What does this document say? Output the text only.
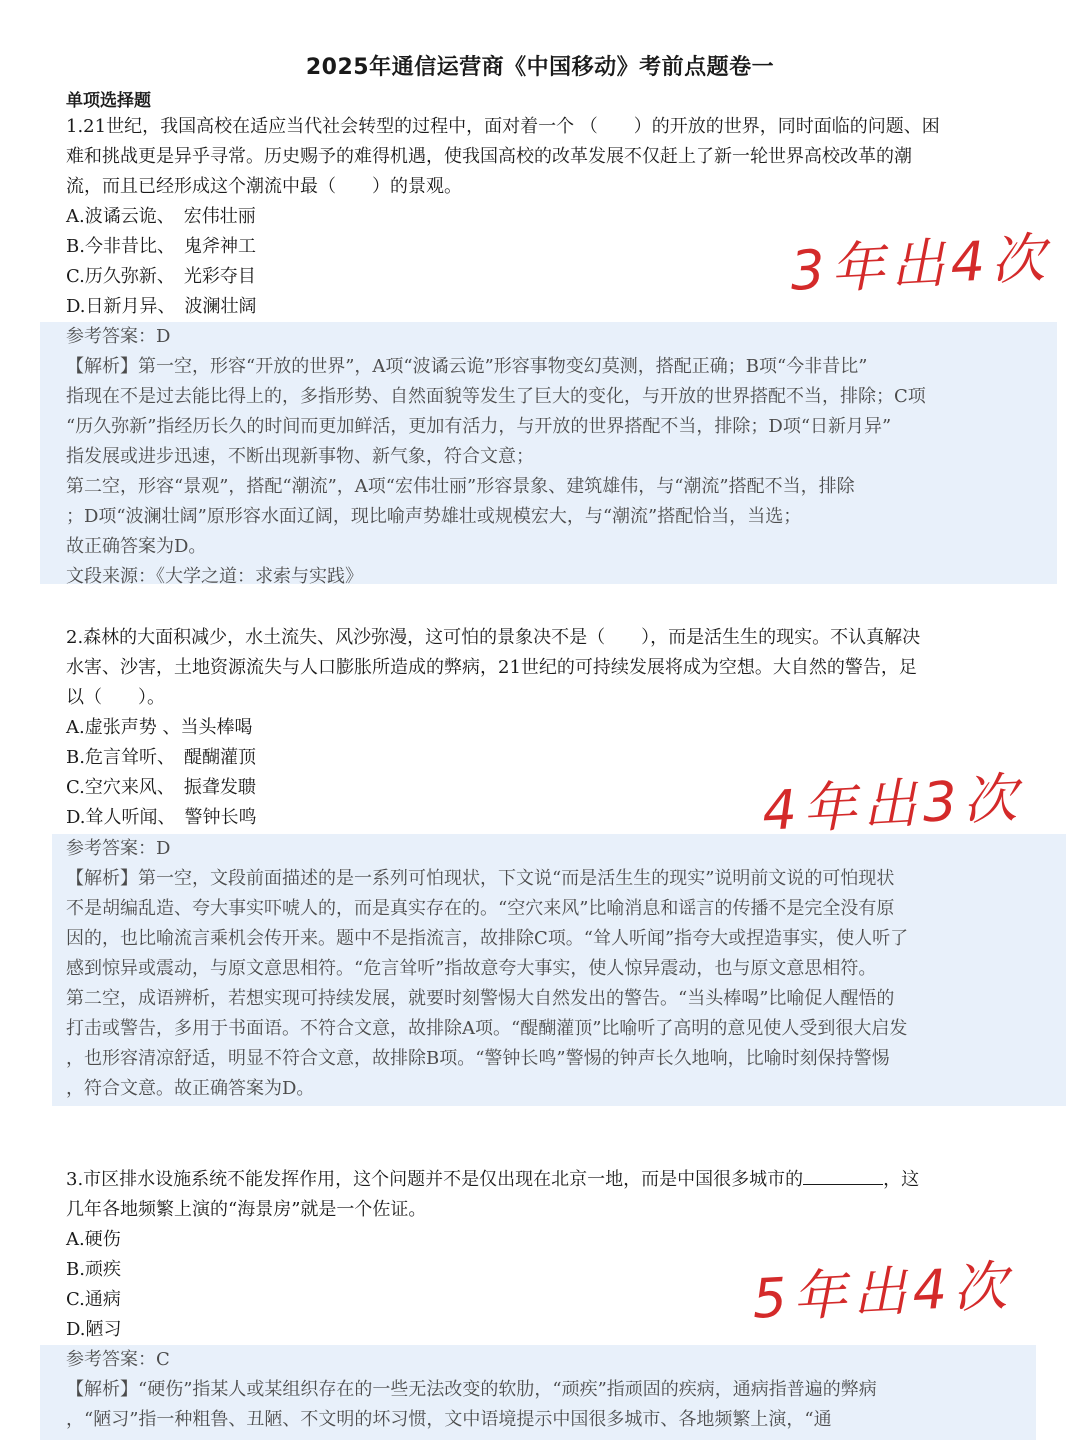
2025年通信运营商《中国移动》考前点题卷一
单项选择题
1.21世纪，我国高校在适应当代社会转型的过程中，面对着一个 （　　）的开放的世界，同时面临的问题、困
难和挑战更是异乎寻常。历史赐予的难得机遇，使我国高校的改革发展不仅赶上了新一轮世界高校改革的潮
流，而且已经形成这个潮流中最（　　）的景观。
A.波谲云诡、　宏伟壮丽
B.今非昔比、　鬼斧神工
C.历久弥新、　光彩夺目
D.日新月异、　波澜壮阔
参考答案：D
【解析】第一空，形容“开放的世界”，A项“波谲云诡”形容事物变幻莫测，搭配正确；B项“今非昔比”
指现在不是过去能比得上的，多指形势、自然面貌等发生了巨大的变化，与开放的世界搭配不当，排除；C项
“历久弥新”指经历长久的时间而更加鲜活，更加有活力，与开放的世界搭配不当，排除；D项“日新月异”
指发展或进步迅速，不断出现新事物、新气象，符合文意；
第二空，形容“景观”，搭配“潮流”，A项“宏伟壮丽”形容景象、建筑雄伟，与“潮流”搭配不当，排除
；D项“波澜壮阔”原形容水面辽阔，现比喻声势雄壮或规模宏大，与“潮流”搭配恰当，当选；
故正确答案为D。
文段来源：《大学之道：求索与实践》
3年出4次
2.森林的大面积减少，水土流失、风沙弥漫，这可怕的景象决不是（　　），而是活生生的现实。不认真解决
水害、沙害，土地资源流失与人口膨胀所造成的弊病，21世纪的可持续发展将成为空想。大自然的警告，足
以（　　）。
A.虚张声势 、当头棒喝
B.危言耸听、　醍醐灌顶
C.空穴来风、　振聋发聩
D.耸人听闻、　警钟长鸣
参考答案：D
【解析】第一空，文段前面描述的是一系列可怕现状，下文说“而是活生生的现实”说明前文说的可怕现状
不是胡编乱造、夸大事实吓唬人的，而是真实存在的。“空穴来风”比喻消息和谣言的传播不是完全没有原
因的，也比喻流言乘机会传开来。题中不是指流言，故排除C项。“耸人听闻”指夸大或捏造事实，使人听了
感到惊异或震动，与原文意思相符。“危言耸听”指故意夸大事实，使人惊异震动，也与原文意思相符。
第二空，成语辨析，若想实现可持续发展，就要时刻警惕大自然发出的警告。“当头棒喝”比喻促人醒悟的
打击或警告，多用于书面语。不符合文意，故排除A项。“醍醐灌顶”比喻听了高明的意见使人受到很大启发
，也形容清凉舒适，明显不符合文意，故排除B项。“警钟长鸣”警惕的钟声长久地响，比喻时刻保持警惕
，符合文意。故正确答案为D。
4年出3次
3.市区排水设施系统不能发挥作用，这个问题并不是仅出现在北京一地，而是中国很多城市的	，这
几年各地频繁上演的“海景房”就是一个佐证。
A.硬伤
B.顽疾
C.通病
D.陋习
参考答案：C
【解析】“硬伤”指某人或某组织存在的一些无法改变的软肋，“顽疾”指顽固的疾病，通病指普遍的弊病
，“陋习”指一种粗鲁、丑陋、不文明的坏习惯，文中语境提示中国很多城市、各地频繁上演，“通
5年出4次
